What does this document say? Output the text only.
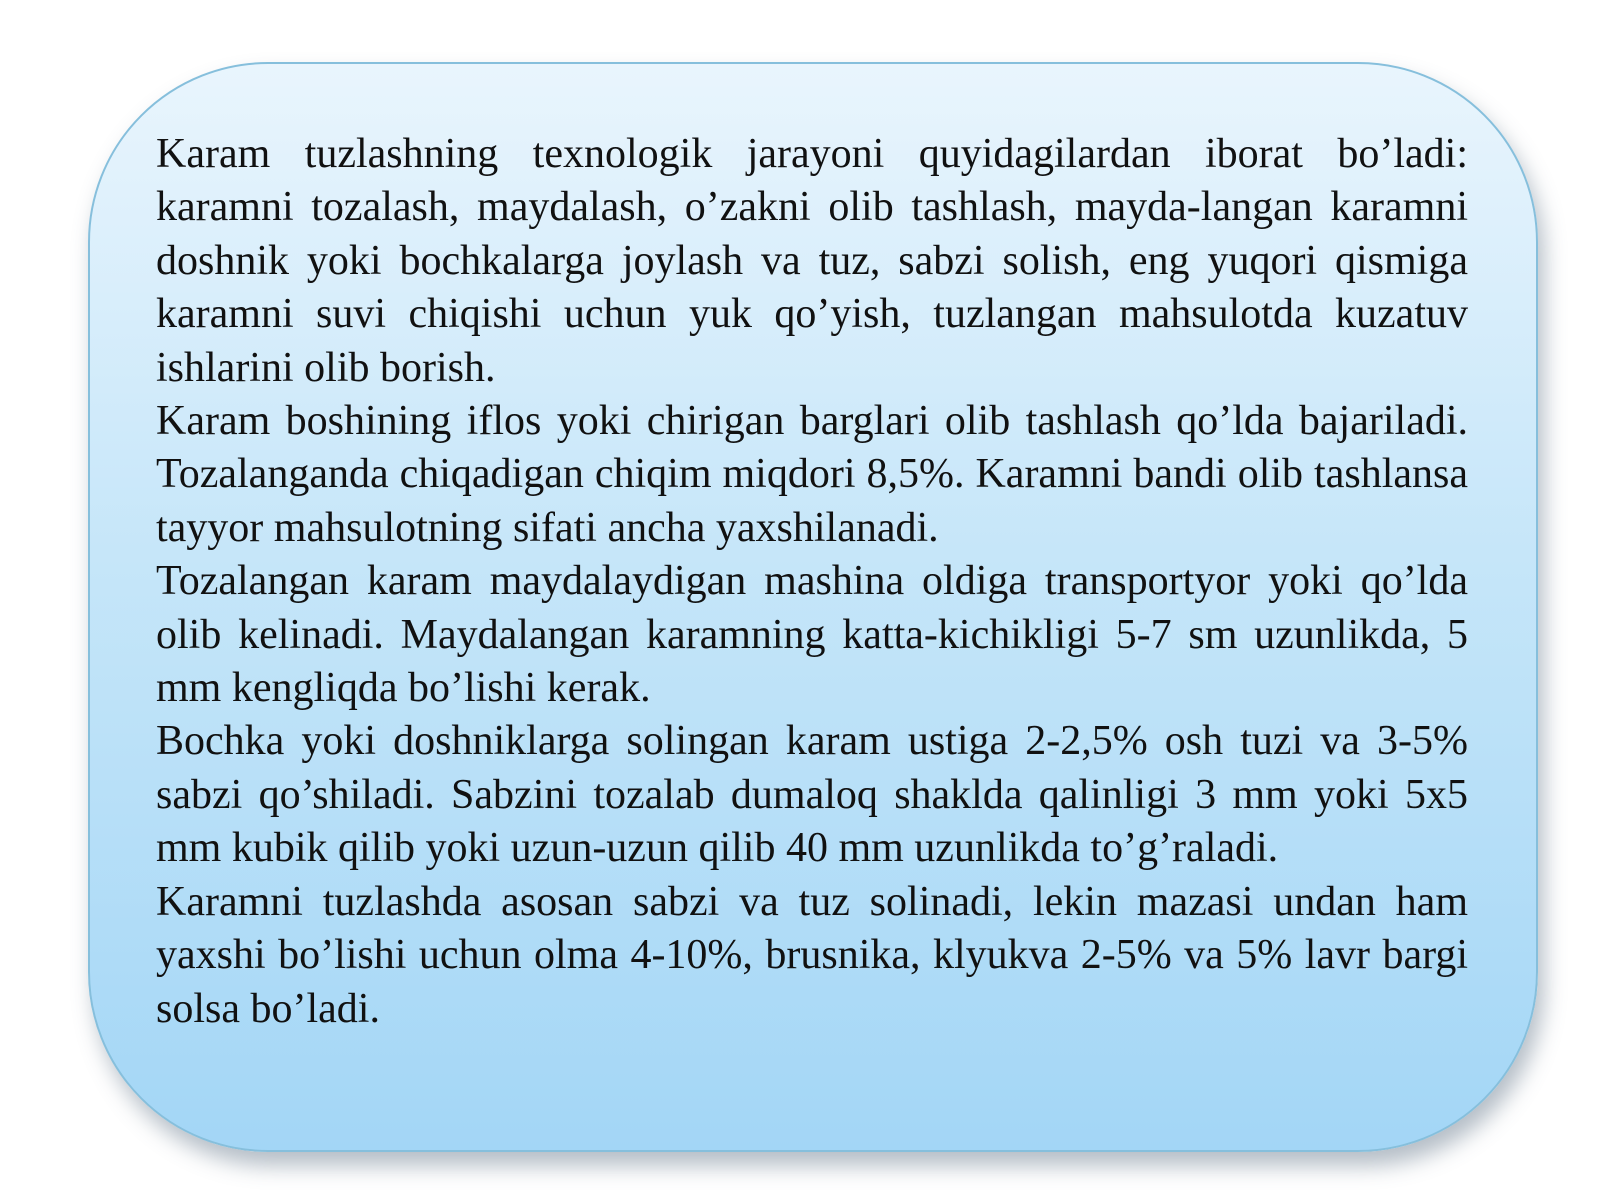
Karam tuzlashning texnologik jarayoni quyidagilardan iborat bo’ladi: karamni tozalash, maydalash, o’zakni olib tashlash, mayda-langan karamni doshnik yoki bochkalarga joylash va tuz, sabzi solish, eng yuqori qismiga karamni suvi chiqishi uchun yuk qo’yish, tuzlangan mahsulotda kuzatuv ishlarini olib borish.

Karam boshining iflos yoki chirigan barglari olib tashlash qo’lda bajariladi. Tozalanganda chiqadigan chiqim miqdori 8,5%. Karamni bandi olib tashlansa tayyor mahsulotning sifati ancha yaxshilanadi.

Tozalangan karam maydalaydigan mashina oldiga transportyor yoki qo’lda olib kelinadi. Maydalangan karamning katta-kichikligi 5-7 sm uzunlikda, 5 mm kengliqda bo’lishi kerak.

Bochka yoki doshniklarga solingan karam ustiga 2-2,5% osh tuzi va 3-5% sabzi qo’shiladi. Sabzini tozalab dumaloq shaklda qalinligi 3 mm yoki 5x5 mm kubik qilib yoki uzun-uzun qilib 40 mm uzunlikda to’g’raladi.

Karamni tuzlashda asosan sabzi va tuz solinadi, lekin mazasi undan ham yaxshi bo’lishi uchun olma 4-10%, brusnika, klyukva 2-5% va 5% lavr bargi solsa bo’ladi.
